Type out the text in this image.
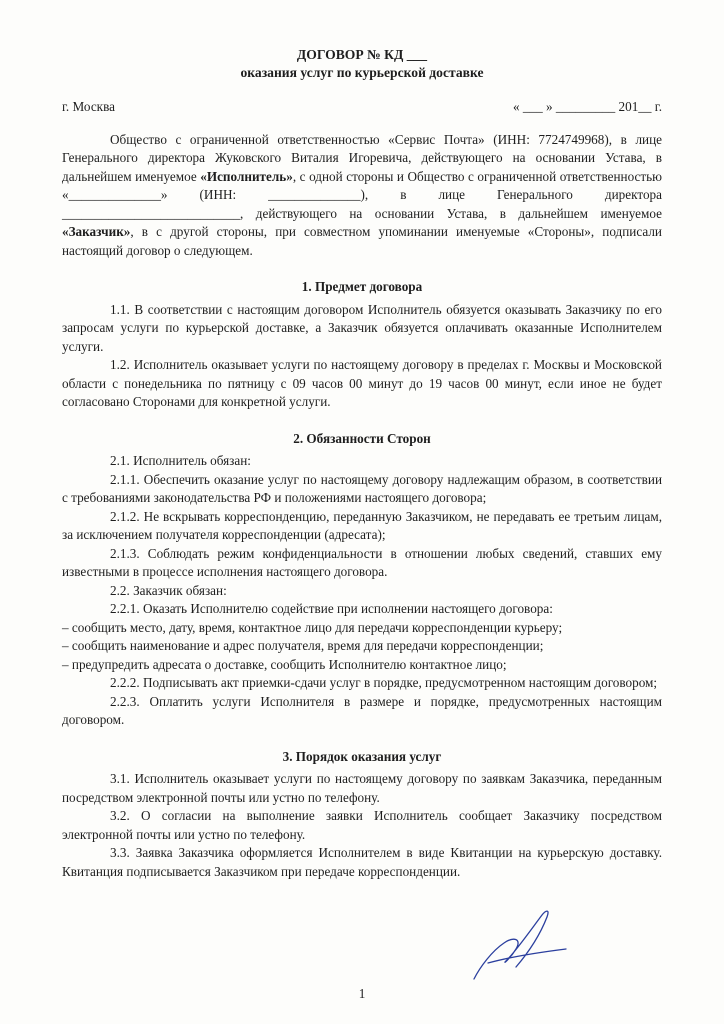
ДОГОВОР № КД ___
оказания услуг по курьерской доставке
г. Москва	« ___ » _________ 201__ г.

Общество с ограниченной ответственностью «Сервис Почта» (ИНН: 7724749968), в лице Генерального директора Жуковского Виталия Игоревича, действующего на основании Устава, в дальнейшем именуемое «Исполнитель», с одной стороны и Общество с ограниченной ответственностью «______________» (ИНН: ______________), в лице Генерального директора ___________________________, действующего на основании Устава, в дальнейшем именуемое «Заказчик», в с другой стороны, при совместном упоминании именуемые «Стороны», подписали настоящий договор о следующем.

1. Предмет договора

1.1. В соответствии с настоящим договором Исполнитель обязуется оказывать Заказчику по его запросам услуги по курьерской доставке, а Заказчик обязуется оплачивать оказанные Исполнителем услуги.

1.2. Исполнитель оказывает услуги по настоящему договору в пределах г. Москвы и Московской области с понедельника по пятницу с 09 часов 00 минут до 19 часов 00 минут, если иное не будет согласовано Сторонами для конкретной услуги.

2. Обязанности Сторон

2.1. Исполнитель обязан:

2.1.1. Обеспечить оказание услуг по настоящему договору надлежащим образом, в соответствии с требованиями законодательства РФ и положениями настоящего договора;

2.1.2. Не вскрывать корреспонденцию, переданную Заказчиком, не передавать ее третьим лицам, за исключением получателя корреспонденции (адресата);

2.1.3. Соблюдать режим конфиденциальности в отношении любых сведений, ставших ему известными в процессе исполнения настоящего договора.

2.2. Заказчик обязан:

2.2.1. Оказать Исполнителю содействие при исполнении настоящего договора:

– сообщить место, дату, время, контактное лицо для передачи корреспонденции курьеру;

– сообщить наименование и адрес получателя, время для передачи корреспонденции;

– предупредить адресата о доставке, сообщить Исполнителю контактное лицо;

2.2.2. Подписывать акт приемки-сдачи услуг в порядке, предусмотренном настоящим договором;

2.2.3. Оплатить услуги Исполнителя в размере и порядке, предусмотренных настоящим договором.

3. Порядок оказания услуг

3.1. Исполнитель оказывает услуги по настоящему договору по заявкам Заказчика, переданным посредством электронной почты или устно по телефону.

3.2. О согласии на выполнение заявки Исполнитель сообщает Заказчику посредством электронной почты или устно по телефону.

3.3. Заявка Заказчика оформляется Исполнителем в виде Квитанции на курьерскую доставку. Квитанция подписывается Заказчиком при передаче корреспонденции.

1
